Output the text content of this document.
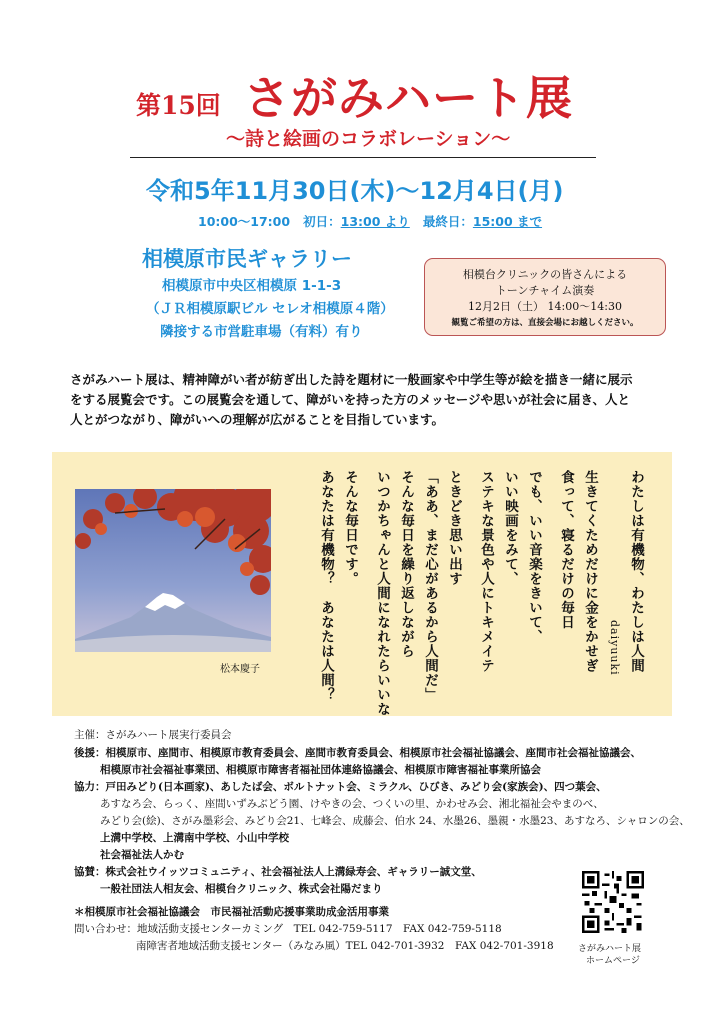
第15回 さがみハート展
〜詩と絵画のコラボレーション〜
令和5年11月30日(木)〜12月4日(月)
10:00〜17:00 初日：13:00 より 最終日：15:00 まで
相模原市民ギャラリー
相模原市中央区相模原 1-1-3
（ＪＲ相模原駅ビル セレオ相模原４階）
隣接する市営駐車場（有料）有り
相模台クリニックの皆さんによる
トーンチャイム演奏
12月2日（土） 14:00〜14:30
観覧ご希望の方は、直接会場にお越しください。

さがみハート展は、精神障がい者が紡ぎ出した詩を題材に一般画家や中学生等が絵を描き一緒に展示

をする展覧会です。この展覧会を通して、障がいを持った方のメッセージや思いが社会に届き、人と

人とがつながり、障がいへの理解が広がることを目指しています。

松本慶子	わたしは有機物、わたしは人間
daiyuuki
生きてくためだけに金をかせぎ
食って、寝るだけの毎日
でも、いい音楽をきいて、
いい映画をみて、
ステキな景色や人にトキメイテ
ときどき思い出す
「ああ、まだ心があるから人間だ」
そんな毎日を繰り返しながら
いつかちゃんと人間になれたらいいな
そんな毎日です。
あなたは有機物？　あなたは人間？
主催：さがみハート展実行委員会
後援：相模原市、座間市、相模原市教育委員会、座間市教育委員会、相模原市社会福祉協議会、座間市社会福祉協議会、
相模原市社会福祉事業団、相模原市障害者福祉団体連絡協議会、相模原市障害福祉事業所協会
協力：戸田みどり(日本画家)、あしたば会、ボルトナット会、ミラクル、ひびき、みどり会(家族会)、四つ葉会、
あすなろ会、らっく、座間いずみぶどう園、けやきの会、つくいの里、かわせみ会、湘北福祉会やまのべ、
みどり会(絵)、さがみ墨彩会、みどり会21、七峰会、成藤会、伯水 24、水墨26、墨親・水墨23、あすなろ、シャロンの会、
上溝中学校、上溝南中学校、小山中学校
社会福祉法人かむ
協賛：株式会社ウイッツコミュニティ、社会福祉法人上溝緑寿会、ギャラリー誠文堂、
一般社団法人相友会、相模台クリニック、株式会社陽だまり
＊相模原市社会福祉協議会　市民福祉活動応援事業助成金活用事業
問い合わせ：地域活動支援センターカミング　TEL 042-759-5117　FAX 042-759-5118
南障害者地域活動支援センター（みなみ風）TEL 042-701-3932　FAX 042-701-3918	さがみハート展
ホームページ
